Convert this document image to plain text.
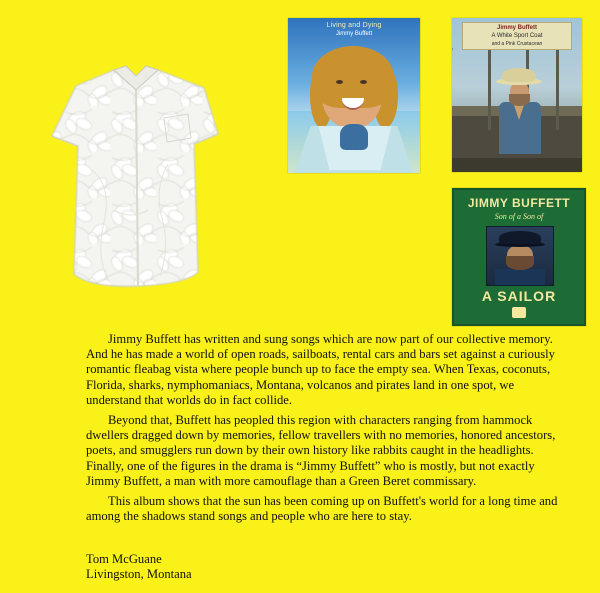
Living and Dying
Jimmy Buffett
Jimmy Buffett
A White Sport Coat
and a Pink Crustacean
JIMMY BUFFETT
Son of a Son of
A SAILOR

Jimmy Buffett has written and sung songs which are now part of our collective memory. And he has made a world of open roads, sailboats, rental cars and bars set against a curiously romantic fleabag vista where people bunch up to face the empty sea. When Texas, coconuts, Florida, sharks, nymphomaniacs, Montana, volcanos and pirates land in one spot, we understand that worlds do in fact collide.

Beyond that, Buffett has peopled this region with characters ranging from hammock dwellers dragged down by memories, fellow travellers with no memories, honored ancestors, poets, and smugglers run down by their own history like rabbits caught in the headlights. Finally, one of the figures in the drama is “Jimmy Buffett” who is mostly, but not exactly Jimmy Buffett, a man with more camouflage than a Green Beret commissary.

This album shows that the sun has been coming up on Buffett's world for a long time and among the shadows stand songs and people who are here to stay.

Tom McGuane
Livingston, Montana
